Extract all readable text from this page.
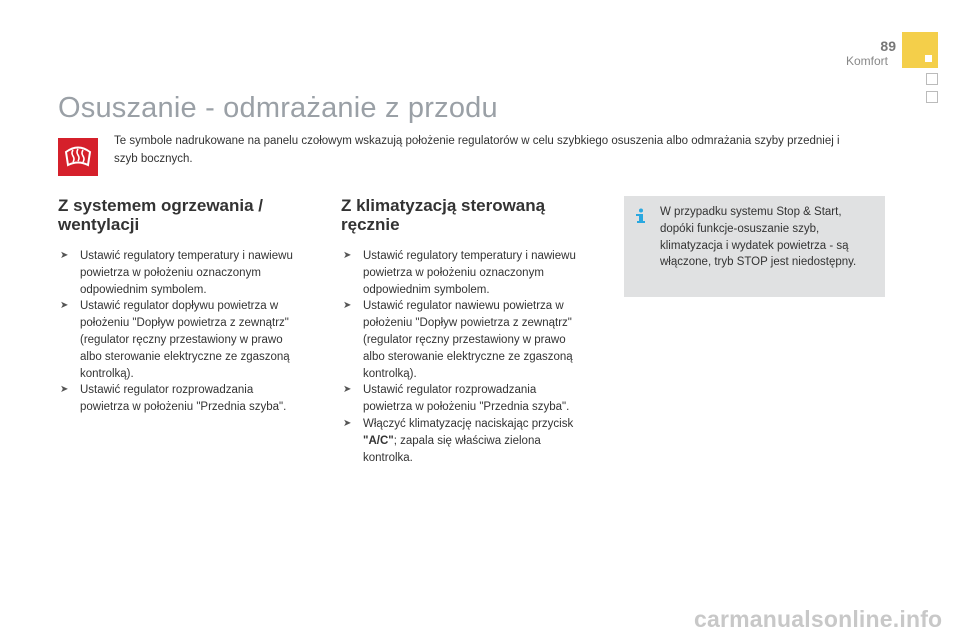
89
Komfort
Osuszanie - odmrażanie z przodu
Te symbole nadrukowane na panelu czołowym wskazują położenie regulatorów w celu szybkiego osuszenia albo odmrażania szyby przedniej i szyb bocznych.
Z systemem ogrzewania /
wentylacji
➤ Ustawić regulatory temperatury i nawiewu
powietrza w położeniu oznaczonym
odpowiednim symbolem.
➤ Ustawić regulator dopływu powietrza w
położeniu "Dopływ powietrza z zewnątrz"
(regulator ręczny przestawiony w prawo
albo sterowanie elektryczne ze zgaszoną
kontrolką).
➤ Ustawić regulator rozprowadzania
powietrza w położeniu "Przednia szyba".
Z klimatyzacją sterowaną
ręcznie
➤ Ustawić regulatory temperatury i nawiewu
powietrza w położeniu oznaczonym
odpowiednim symbolem.
➤ Ustawić regulator nawiewu powietrza w
położeniu "Dopływ powietrza z zewnątrz"
(regulator ręczny przestawiony w prawo
albo sterowanie elektryczne ze zgaszoną
kontrolką).
➤ Ustawić regulator rozprowadzania
powietrza w położeniu "Przednia szyba".
➤ Włączyć klimatyzację naciskając przycisk
"A/C"; zapala się właściwa zielona
kontrolka.
W przypadku systemu Stop & Start,
dopóki funkcje-osuszanie szyb,
klimatyzacja i wydatek powietrza - są
włączone, tryb STOP jest niedostępny.
carmanualsonline.info
